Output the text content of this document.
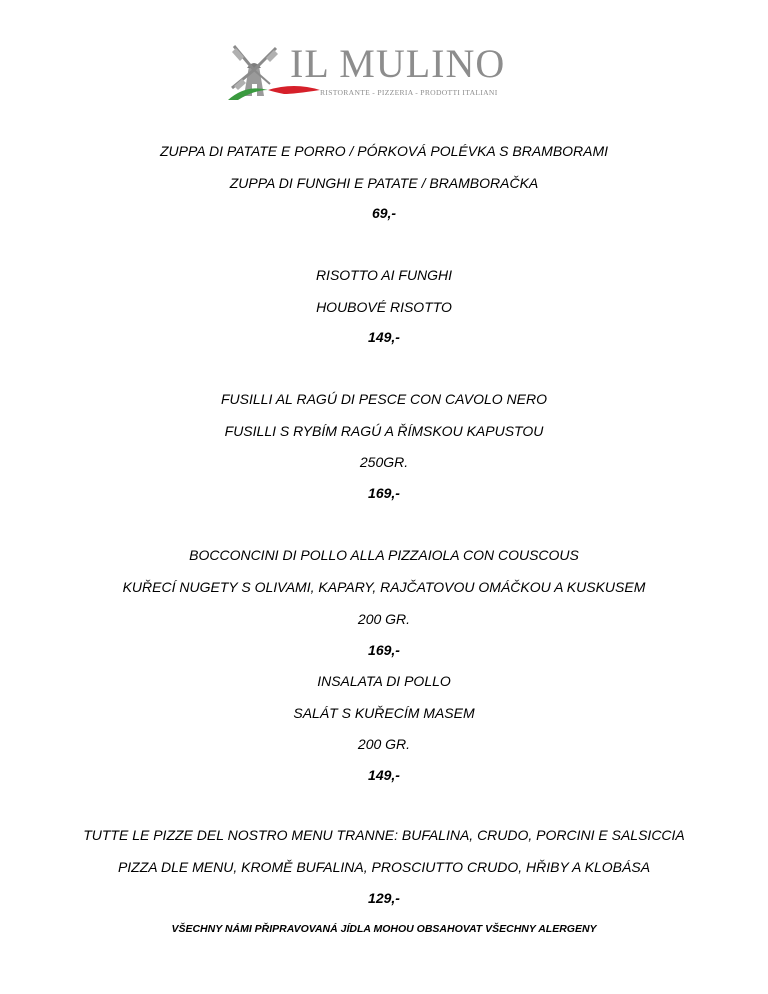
IL MULINO
RISTORANTE - PIZZERIA - PRODOTTI ITALIANI
ZUPPA DI PATATE E PORRO / PÓRKOVÁ POLÉVKA S BRAMBORAMI
ZUPPA DI FUNGHI E PATATE / BRAMBORAČKA
69,-
RISOTTO AI FUNGHI
HOUBOVÉ RISOTTO
149,-
FUSILLI AL RAGÚ DI PESCE CON CAVOLO NERO
FUSILLI S RYBÍM RAGÚ A ŘÍMSKOU KAPUSTOU
250GR.
169,-
BOCCONCINI DI POLLO ALLA PIZZAIOLA CON COUSCOUS
KUŘECÍ NUGETY S OLIVAMI, KAPARY, RAJČATOVOU OMÁČKOU A KUSKUSEM
200 GR.
169,-
INSALATA DI POLLO
SALÁT S KUŘECÍM MASEM
200 GR.
149,-
TUTTE LE PIZZE DEL NOSTRO MENU TRANNE: BUFALINA, CRUDO, PORCINI E SALSICCIA
PIZZA DLE MENU, KROMĚ BUFALINA, PROSCIUTTO CRUDO, HŘIBY A KLOBÁSA
129,-
VŠECHNY NÁMI PŘIPRAVOVANÁ JÍDLA MOHOU OBSAHOVAT VŠECHNY ALERGENY
